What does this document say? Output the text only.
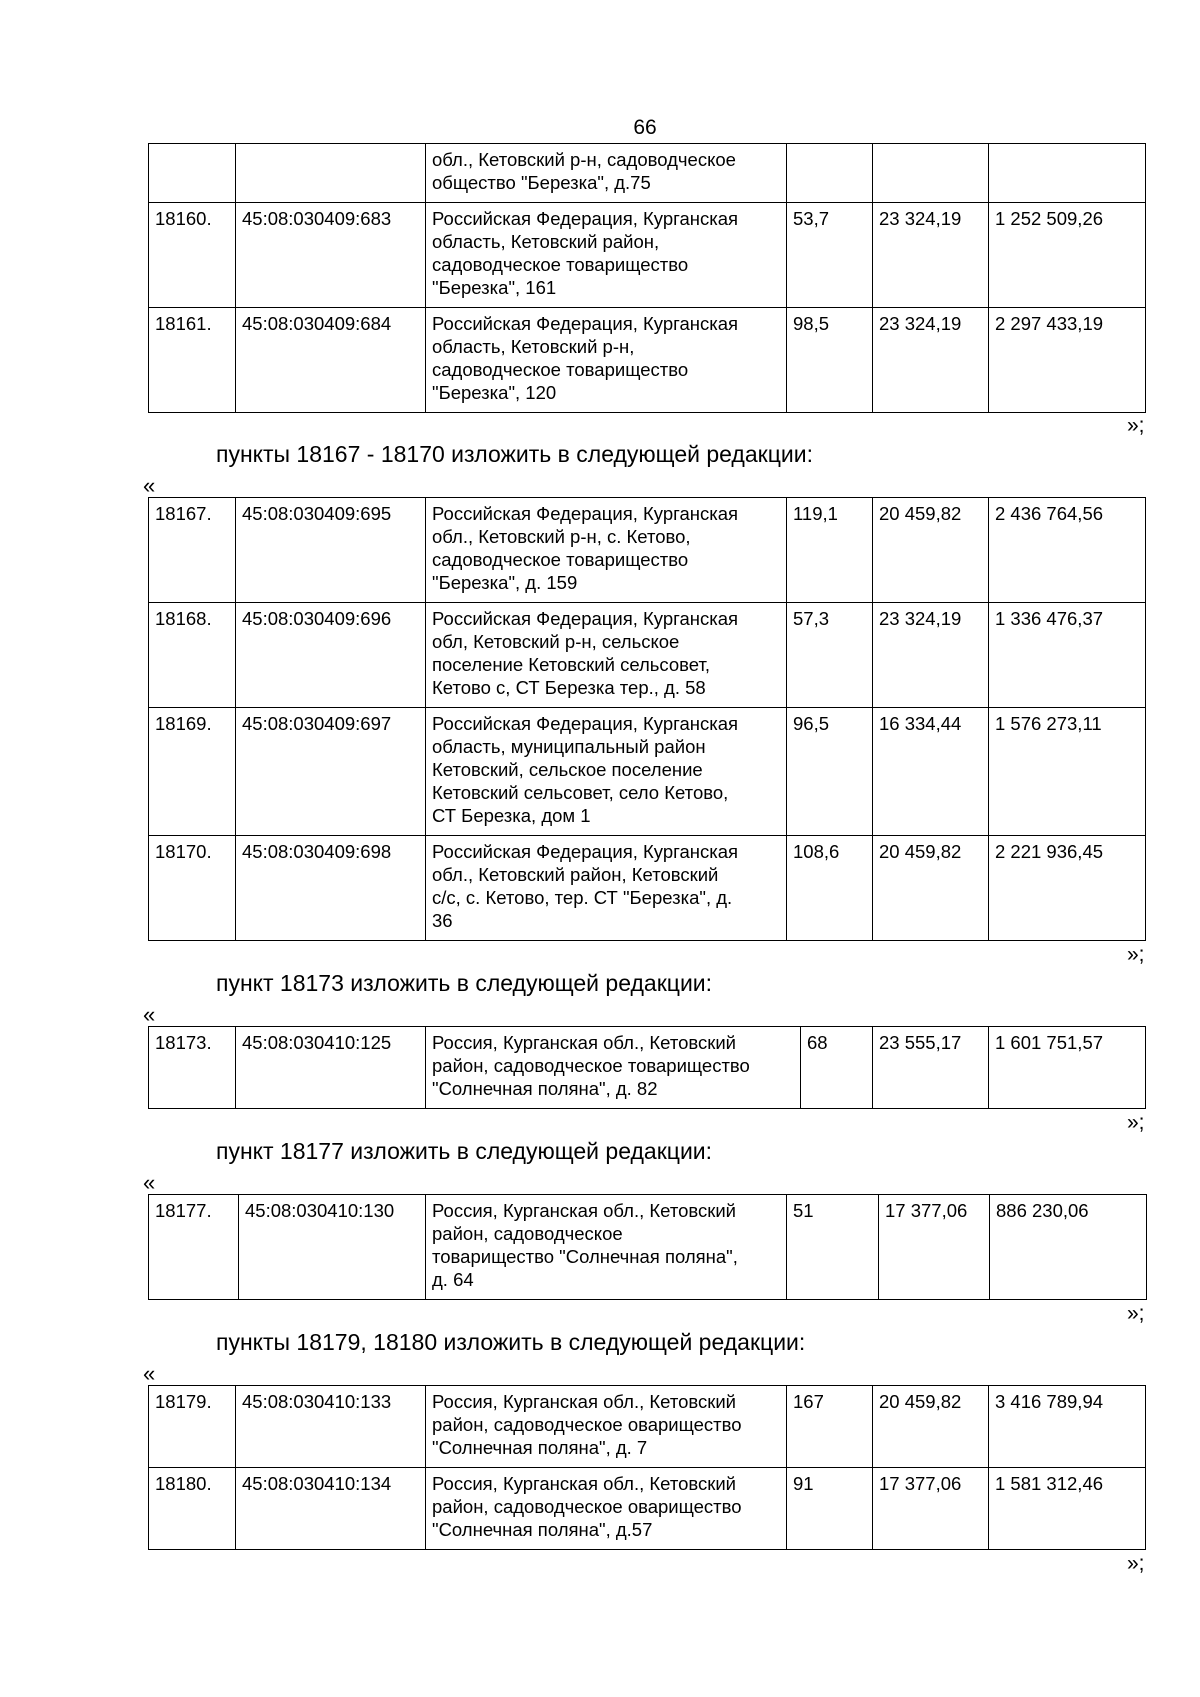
66
		обл., Кетовский р-н, садоводческое
общество "Березка", д.75			
18160.	45:08:030409:683	Российская Федерация, Курганская
область, Кетовский район,
садоводческое товарищество
"Березка", 161	53,7	23 324,19	1 252 509,26
18161.	45:08:030409:684	Российская Федерация, Курганская
область, Кетовский р-н,
садоводческое товарищество
"Березка", 120	98,5	23 324,19	2 297 433,19
»;
пункты 18167 - 18170 изложить в следующей редакции:
«
18167.	45:08:030409:695	Российская Федерация, Курганская
обл., Кетовский р-н, с. Кетово,
садоводческое товарищество
"Березка", д. 159	119,1	20 459,82	2 436 764,56
18168.	45:08:030409:696	Российская Федерация, Курганская
обл, Кетовский р-н, сельское
поселение Кетовский сельсовет,
Кетово с, СТ Березка тер., д. 58	57,3	23 324,19	1 336 476,37
18169.	45:08:030409:697	Российская Федерация, Курганская
область, муниципальный район
Кетовский, сельское поселение
Кетовский сельсовет, село Кетово,
СТ Березка, дом 1	96,5	16 334,44	1 576 273,11
18170.	45:08:030409:698	Российская Федерация, Курганская
обл., Кетовский район, Кетовский
с/с, с. Кетово, тер. СТ "Березка", д.
36	108,6	20 459,82	2 221 936,45
»;
пункт 18173 изложить в следующей редакции:
«
18173.	45:08:030410:125	Россия, Курганская обл., Кетовский
район, садоводческое товарищество
"Солнечная поляна", д. 82	68	23 555,17	1 601 751,57
»;
пункт 18177 изложить в следующей редакции:
«
18177.	45:08:030410:130	Россия, Курганская обл., Кетовский
район, садоводческое
товарищество "Солнечная поляна",
д. 64	51	17 377,06	886 230,06
»;
пункты 18179, 18180 изложить в следующей редакции:
«
18179.	45:08:030410:133	Россия, Курганская обл., Кетовский
район, садоводческое оварищество
"Солнечная поляна", д. 7	167	20 459,82	3 416 789,94
18180.	45:08:030410:134	Россия, Курганская обл., Кетовский
район, садоводческое оварищество
"Солнечная поляна", д.57	91	17 377,06	1 581 312,46
»;
